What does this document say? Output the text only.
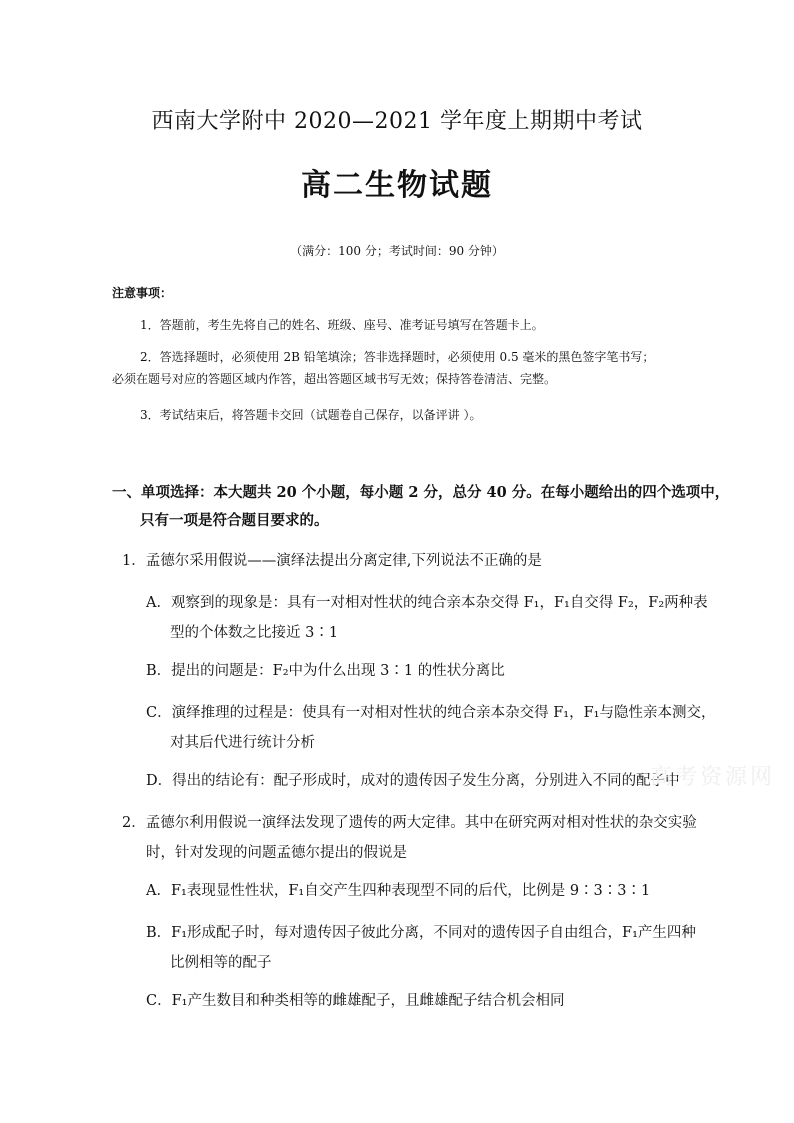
西南大学附中 2020—2021 学年度上期期中考试
高二生物试题
（满分：100 分；考试时间：90 分钟）
注意事项：
1．答题前，考生先将自己的姓名、班级、座号、准考证号填写在答题卡上。
2．答选择题时，必须使用 2B 铅笔填涂；答非选择题时，必须使用 0.5 毫米的黑色签字笔书写；
必须在题号对应的答题区域内作答，超出答题区域书写无效；保持答卷清洁、完整。
3．考试结束后，将答题卡交回（试题卷自己保存，以备评讲 ）。
一、单项选择：本大题共 20 个小题，每小题 2 分，总分 40 分。在每小题给出的四个选项中，
只有一项是符合题目要求的。
1．孟德尔采用假说——演绎法提出分离定律,下列说法不正确的是
A．观察到的现象是：具有一对相对性状的纯合亲本杂交得 F₁，F₁自交得 F₂，F₂两种表
型的个体数之比接近 3∶1
B．提出的问题是：F₂中为什么出现 3∶1 的性状分离比
C．演绎推理的过程是：使具有一对相对性状的纯合亲本杂交得 F₁，F₁与隐性亲本测交，
对其后代进行统计分析
D．得出的结论有：配子形成时，成对的遗传因子发生分离，分别进入不同的配子中
2．孟德尔利用假说一演绎法发现了遗传的两大定律。其中在研究两对相对性状的杂交实验
时，针对发现的问题孟德尔提出的假说是
A．F₁表现显性性状，F₁自交产生四种表现型不同的后代，比例是 9∶3∶3∶1
B．F₁形成配子时，每对遗传因子彼此分离，不同对的遗传因子自由组合，F₁产生四种
比例相等的配子
C．F₁产生数目和种类相等的雌雄配子，且雌雄配子结合机会相同
高考资源网
